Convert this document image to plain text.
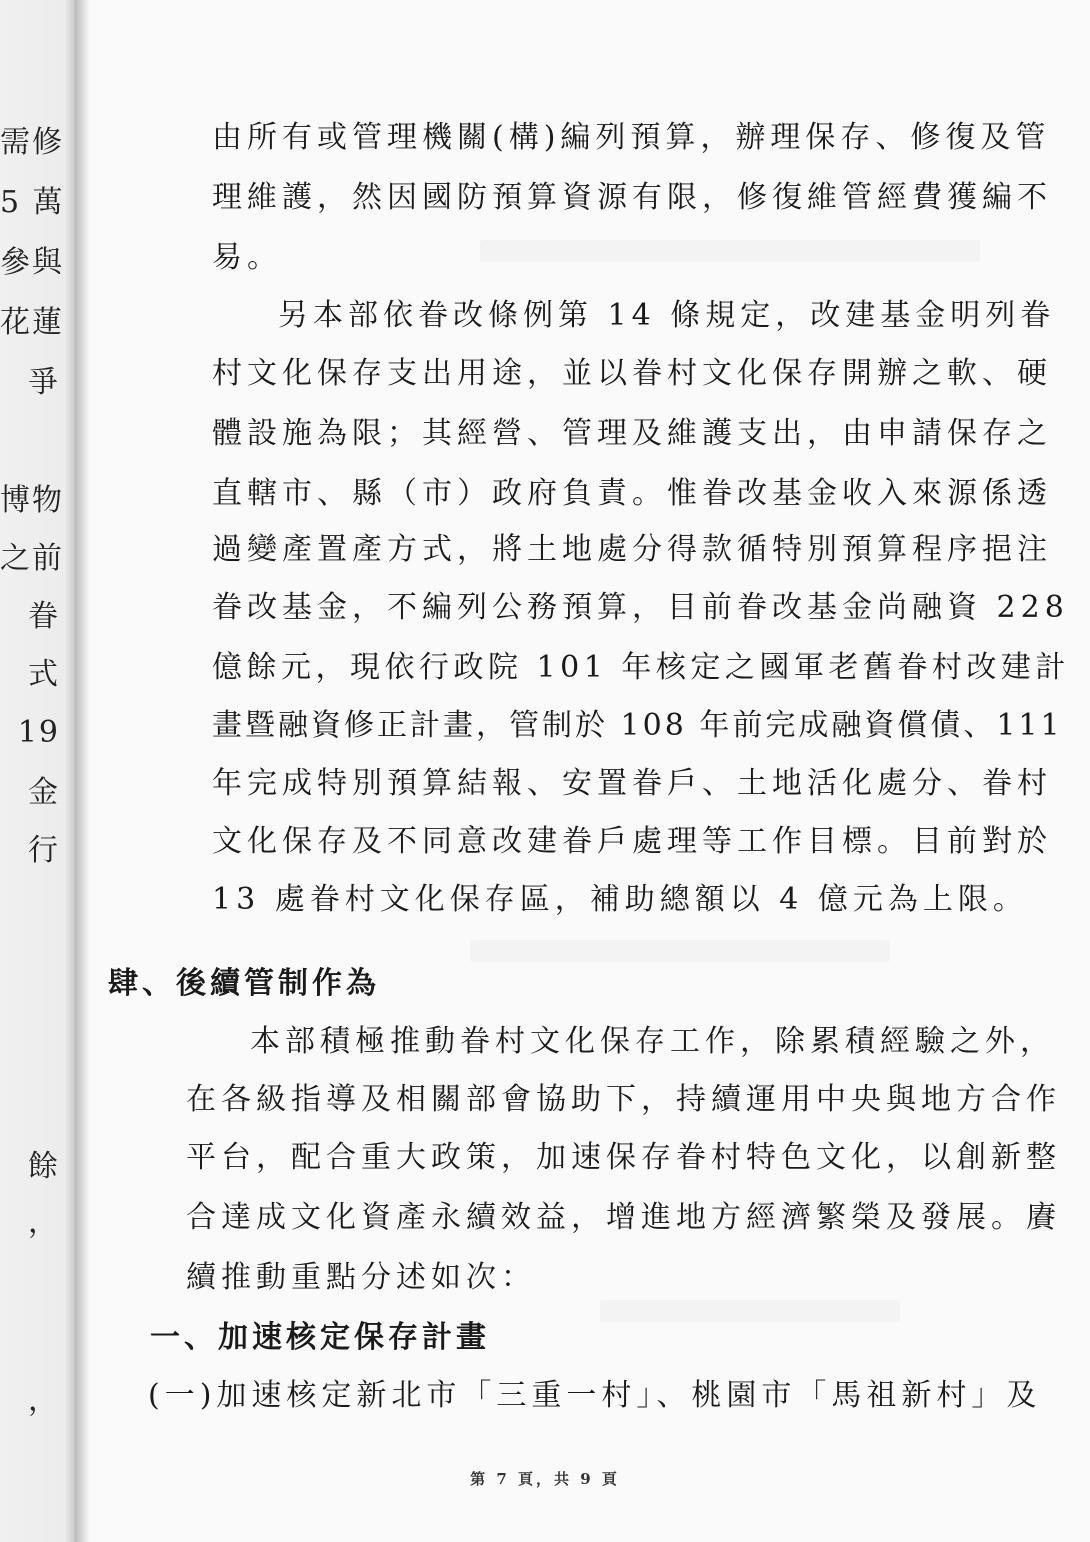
需修
5 萬
參與
花蓮
爭
博物
之前
眷
式
19
金
行
餘
，
，
由所有或管理機關(構)編列預算，辦理保存、修復及管
理維護，然因國防預算資源有限，修復維管經費獲編不
易。
另本部依眷改條例第 14 條規定，改建基金明列眷
村文化保存支出用途，並以眷村文化保存開辦之軟、硬
體設施為限；其經營、管理及維護支出，由申請保存之
直轄市、縣（市）政府負責。惟眷改基金收入來源係透
過變產置產方式，將土地處分得款循特別預算程序挹注
眷改基金，不編列公務預算，目前眷改基金尚融資 228
億餘元，現依行政院 101 年核定之國軍老舊眷村改建計
畫暨融資修正計畫，管制於 108 年前完成融資償債、111
年完成特別預算結報、安置眷戶、土地活化處分、眷村
文化保存及不同意改建眷戶處理等工作目標。目前對於
13 處眷村文化保存區，補助總額以 4 億元為上限。
肆、後續管制作為
本部積極推動眷村文化保存工作，除累積經驗之外，
在各級指導及相關部會協助下，持續運用中央與地方合作
平台，配合重大政策，加速保存眷村特色文化，以創新整
合達成文化資產永續效益，增進地方經濟繁榮及發展。賡
續推動重點分述如次：
一、加速核定保存計畫
(一)加速核定新北市「三重一村」、桃園市「馬祖新村」及
第 7 頁，共 9 頁
